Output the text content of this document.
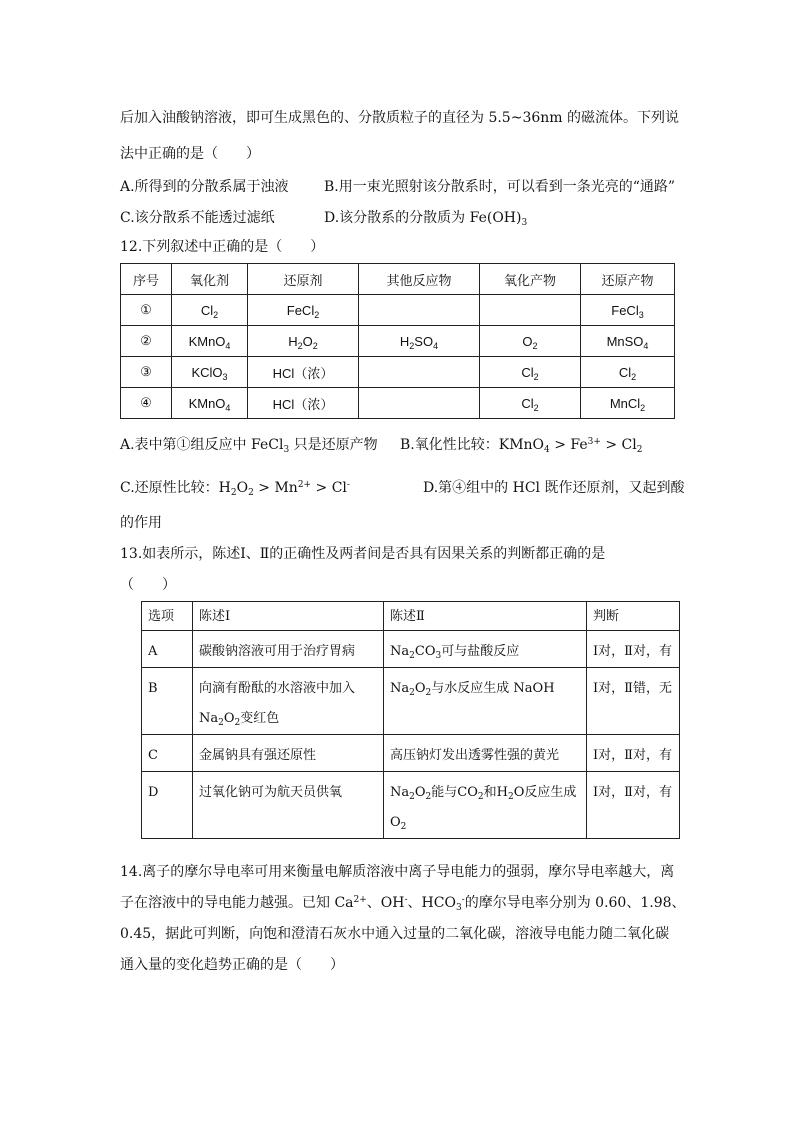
后加入油酸钠溶液，即可生成黑色的、分散质粒子的直径为 5.5~36nm 的磁流体。下列说
法中正确的是（　　）
A.所得到的分散系属于浊液	B.用一束光照射该分散系时，可以看到一条光亮的“通路”
C.该分散系不能透过滤纸	D.该分散系的分散质为 $Fe(OH)_3$
12.下列叙述中正确的是（　　）
序号	氧化剂	还原剂	其他反应物	氧化产物	还原产物
①	$Cl_2$	FeCl$_2$			FeCl$_3$
②	KMnO$_4$	$H_2O_2$	$H_2SO_4$	$O_2$	MnSO$_4$
③	KClO$_3$	HCl（浓）		$Cl_2$	$Cl_2$
④	KMnO$_4$	HCl（浓）		$Cl_2$	MnCl$_2$
A.表中第①组反应中 FeCl$_3$ 只是还原产物 B.氧化性比较：KMnO$_4$ > $Fe^{3+} > Cl_2$
C.还原性比较：$H_2O_2 > Mn^{2+} > Cl^-$	D.第④组中的 HCl 既作还原剂，又起到酸
的作用
13.如表所示，陈述Ⅰ、Ⅱ的正确性及两者间是否具有因果关系的判断都正确的是
（　　）
选项	陈述Ⅰ	陈述Ⅱ	判断
A	碳酸钠溶液可用于治疗胃病	$Na_2CO_3$可与盐酸反应	Ⅰ对，Ⅱ对，有
B	向滴有酚酞的水溶液中加入$Na_2O_2$变红色	$Na_2O_2$与水反应生成 NaOH	Ⅰ对，Ⅱ错，无
C	金属钠具有强还原性	高压钠灯发出透雾性强的黄光	Ⅰ对，Ⅱ对，有
D	过氧化钠可为航天员供氧	$Na_2O_2$能与$CO_2$和$H_2O$反应生成$O_2$	Ⅰ对，Ⅱ对，有
14.离子的摩尔导电率可用来衡量电解质溶液中离子导电能力的强弱，摩尔导电率越大，离
子在溶液中的导电能力越强。已知 $Ca^{2+}$、OH-、$HCO_3^-$的摩尔导电率分别为 0.60、1.98、
0.45，据此可判断，向饱和澄清石灰水中通入过量的二氧化碳，溶液导电能力随二氧化碳
通入量的变化趋势正确的是（　　）
